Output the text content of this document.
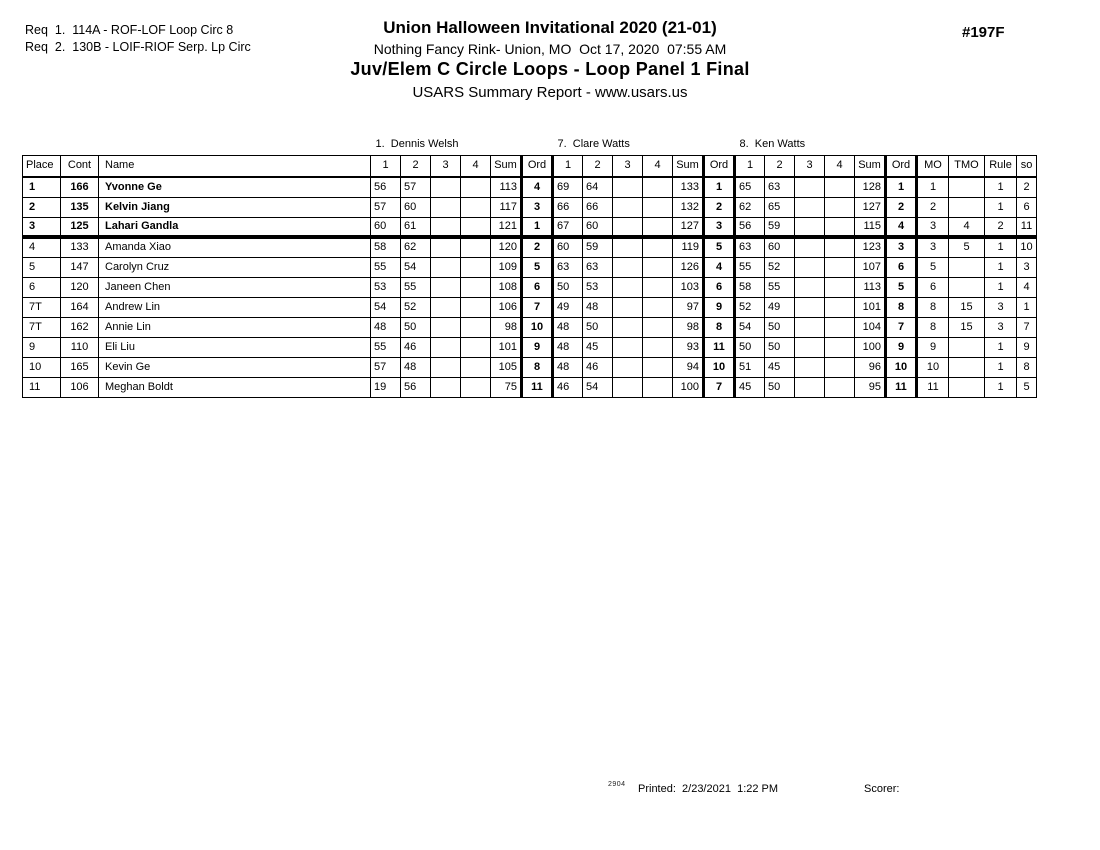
Req  1.  114A - ROF-LOF Loop Circ 8
Req  2.  130B - LOIF-RIOF Serp. Lp Circ
Union Halloween Invitational 2020 (21-01)
Nothing Fancy Rink- Union, MO  Oct 17, 2020  07:55 AM
Juv/Elem C Circle Loops - Loop Panel 1 Final
USARS Summary Report - www.usars.us
#197F
			1.  Dennis Welsh						7.  Clare Watts						8.  Ken Watts									
Place	Cont	Name	1	2	3	4	Sum	Ord	1	2	3	4	Sum	Ord	1	2	3	4	Sum	Ord	MO	TMO	Rule	so
1	166	Yvonne Ge	56	57			113	4	69	64			133	1	65	63			128	1	1		1	2
2	135	Kelvin Jiang	57	60			117	3	66	66			132	2	62	65			127	2	2		1	6
3	125	Lahari Gandla	60	61			121	1	67	60			127	3	56	59			115	4	3	4	2	11
4	133	Amanda Xiao	58	62			120	2	60	59			119	5	63	60			123	3	3	5	1	10
5	147	Carolyn Cruz	55	54			109	5	63	63			126	4	55	52			107	6	5		1	3
6	120	Janeen Chen	53	55			108	6	50	53			103	6	58	55			113	5	6		1	4
7T	164	Andrew Lin	54	52			106	7	49	48			97	9	52	49			101	8	8	15	3	1
7T	162	Annie Lin	48	50			98	10	48	50			98	8	54	50			104	7	8	15	3	7
9	110	Eli Liu	55	46			101	9	48	45			93	11	50	50			100	9	9		1	9
10	165	Kevin Ge	57	48			105	8	48	46			94	10	51	45			96	10	10		1	8
11	106	Meghan Boldt	19	56			75	11	46	54			100	7	45	50			95	11	11		1	5
2904 Printed:  2/23/2021  1:22 PM	Scorer:
